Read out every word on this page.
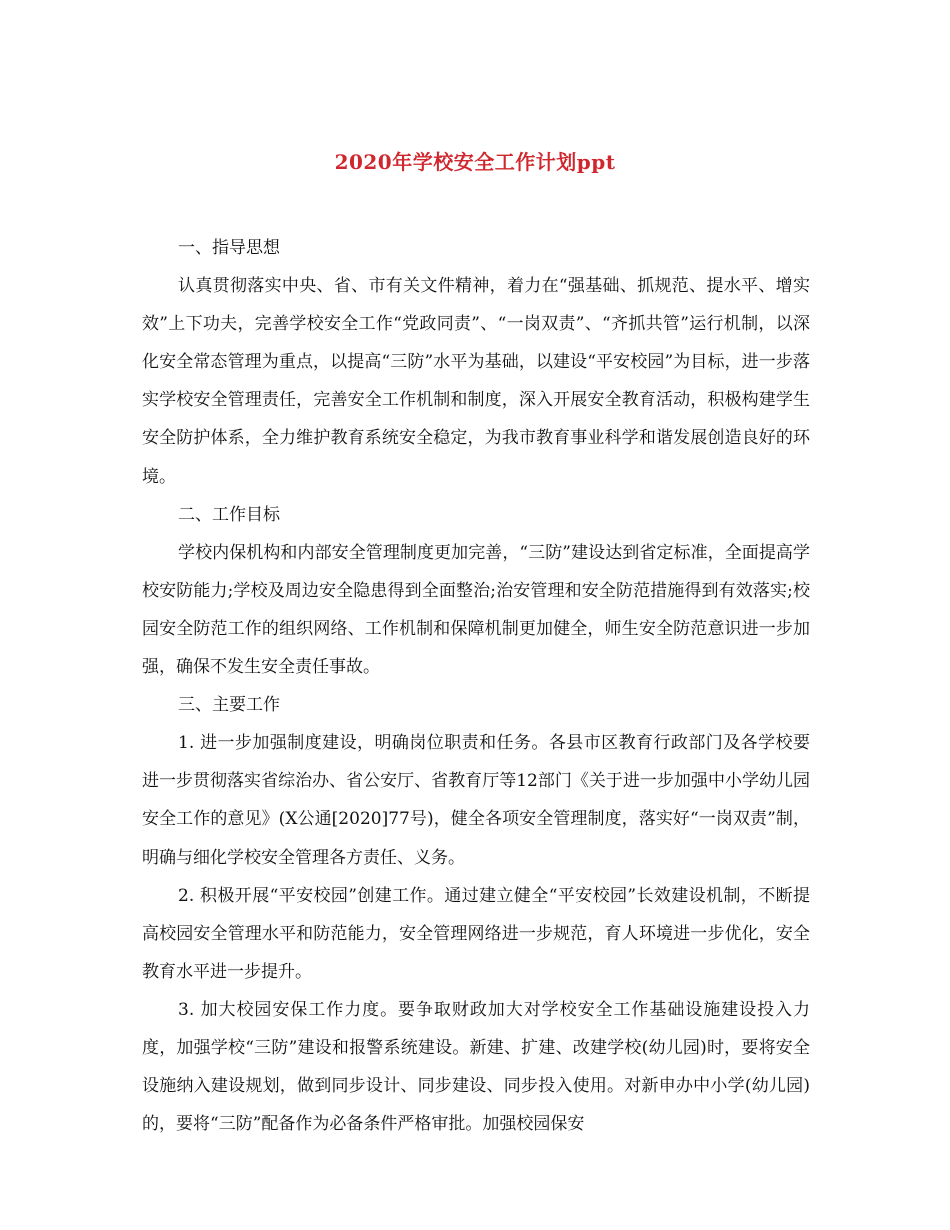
2020年学校安全工作计划ppt

一、指导思想

认真贯彻落实中央、省、市有关文件精神，着力在“强基础、抓规范、提水平、增实效”上下功夫，完善学校安全工作“党政同责”、“一岗双责”、“齐抓共管”运行机制，以深化安全常态管理为重点，以提高“三防”水平为基础，以建设“平安校园”为目标，进一步落实学校安全管理责任，完善安全工作机制和制度，深入开展安全教育活动，积极构建学生安全防护体系，全力维护教育系统安全稳定，为我市教育事业科学和谐发展创造良好的环境。

二、工作目标

学校内保机构和内部安全管理制度更加完善，“三防”建设达到省定标准，全面提高学校安防能力;学校及周边安全隐患得到全面整治;治安管理和安全防范措施得到有效落实;校园安全防范工作的组织网络、工作机制和保障机制更加健全，师生安全防范意识进一步加强，确保不发生安全责任事故。

三、主要工作

1. 进一步加强制度建设，明确岗位职责和任务。各县市区教育行政部门及各学校要进一步贯彻落实省综治办、省公安厅、省教育厅等12部门《关于进一步加强中小学幼儿园安全工作的意见》(X公通[2020]77号)，健全各项安全管理制度，落实好“一岗双责”制，明确与细化学校安全管理各方责任、义务。

2. 积极开展“平安校园”创建工作。通过建立健全“平安校园”长效建设机制，不断提高校园安全管理水平和防范能力，安全管理网络进一步规范，育人环境进一步优化，安全教育水平进一步提升。

3. 加大校园安保工作力度。要争取财政加大对学校安全工作基础设施建设投入力度，加强学校“三防”建设和报警系统建设。新建、扩建、改建学校(幼儿园)时，要将安全设施纳入建设规划，做到同步设计、同步建设、同步投入使用。对新申办中小学(幼儿园)的，要将“三防”配备作为必备条件严格审批。加强校园保安
